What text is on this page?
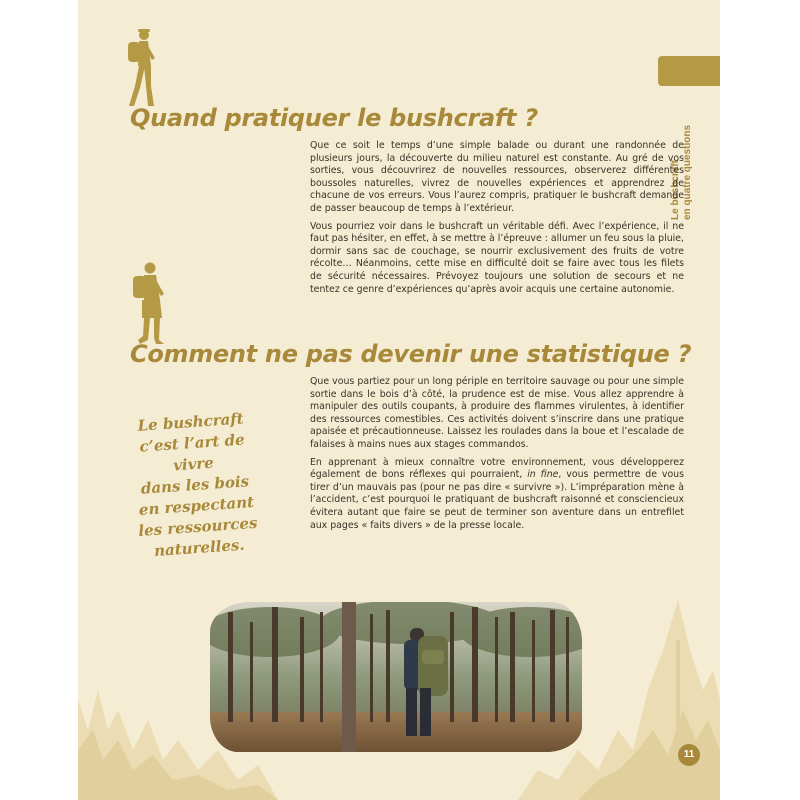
Le bushcraft en quatre questions
Quand pratiquer le bushcraft ?

Que ce soit le temps d’une simple balade ou durant une randonnée de plusieurs jours, la découverte du milieu naturel est constante. Au gré de vos sorties, vous découvrirez de nouvelles ressources, observerez différentes boussoles naturelles, vivrez de nouvelles expériences et apprendrez de chacune de vos erreurs. Vous l’aurez compris, pratiquer le bushcraft demande de passer beaucoup de temps à l’extérieur.

Vous pourriez voir dans le bushcraft un véritable défi. Avec l’expérience, il ne faut pas hésiter, en effet, à se mettre à l’épreuve : allumer un feu sous la pluie, dormir sans sac de couchage, se nourrir exclusivement des fruits de votre récolte… Néanmoins, cette mise en difficulté doit se faire avec tous les filets de sécurité nécessaires. Prévoyez toujours une solution de secours et ne tentez ce genre d’expériences qu’après avoir acquis une certaine autonomie.

Comment ne pas devenir une statistique ?

Que vous partiez pour un long périple en territoire sauvage ou pour une simple sortie dans le bois d’à côté, la prudence est de mise. Vous allez apprendre à manipuler des outils coupants, à produire des flammes virulentes, à identifier des ressources comestibles. Ces activités doivent s’inscrire dans une pratique apaisée et précautionneuse. Laissez les roulades dans la boue et l’escalade de falaises à mains nues aux stages commandos.

En apprenant à mieux connaître votre environnement, vous développerez également de bons réflexes qui pourraient, in fine, vous permettre de vous tirer d’un mauvais pas (pour ne pas dire « survivre »). L’impréparation mène à l’accident, c’est pourquoi le pratiquant de bushcraft raisonné et consciencieux évitera autant que faire se peut de terminer son aventure dans un entrefilet aux pages « faits divers » de la presse locale.

Le bushcraft
c’est l’art de vivre
dans les bois
en respectant
les ressources
naturelles.
11
